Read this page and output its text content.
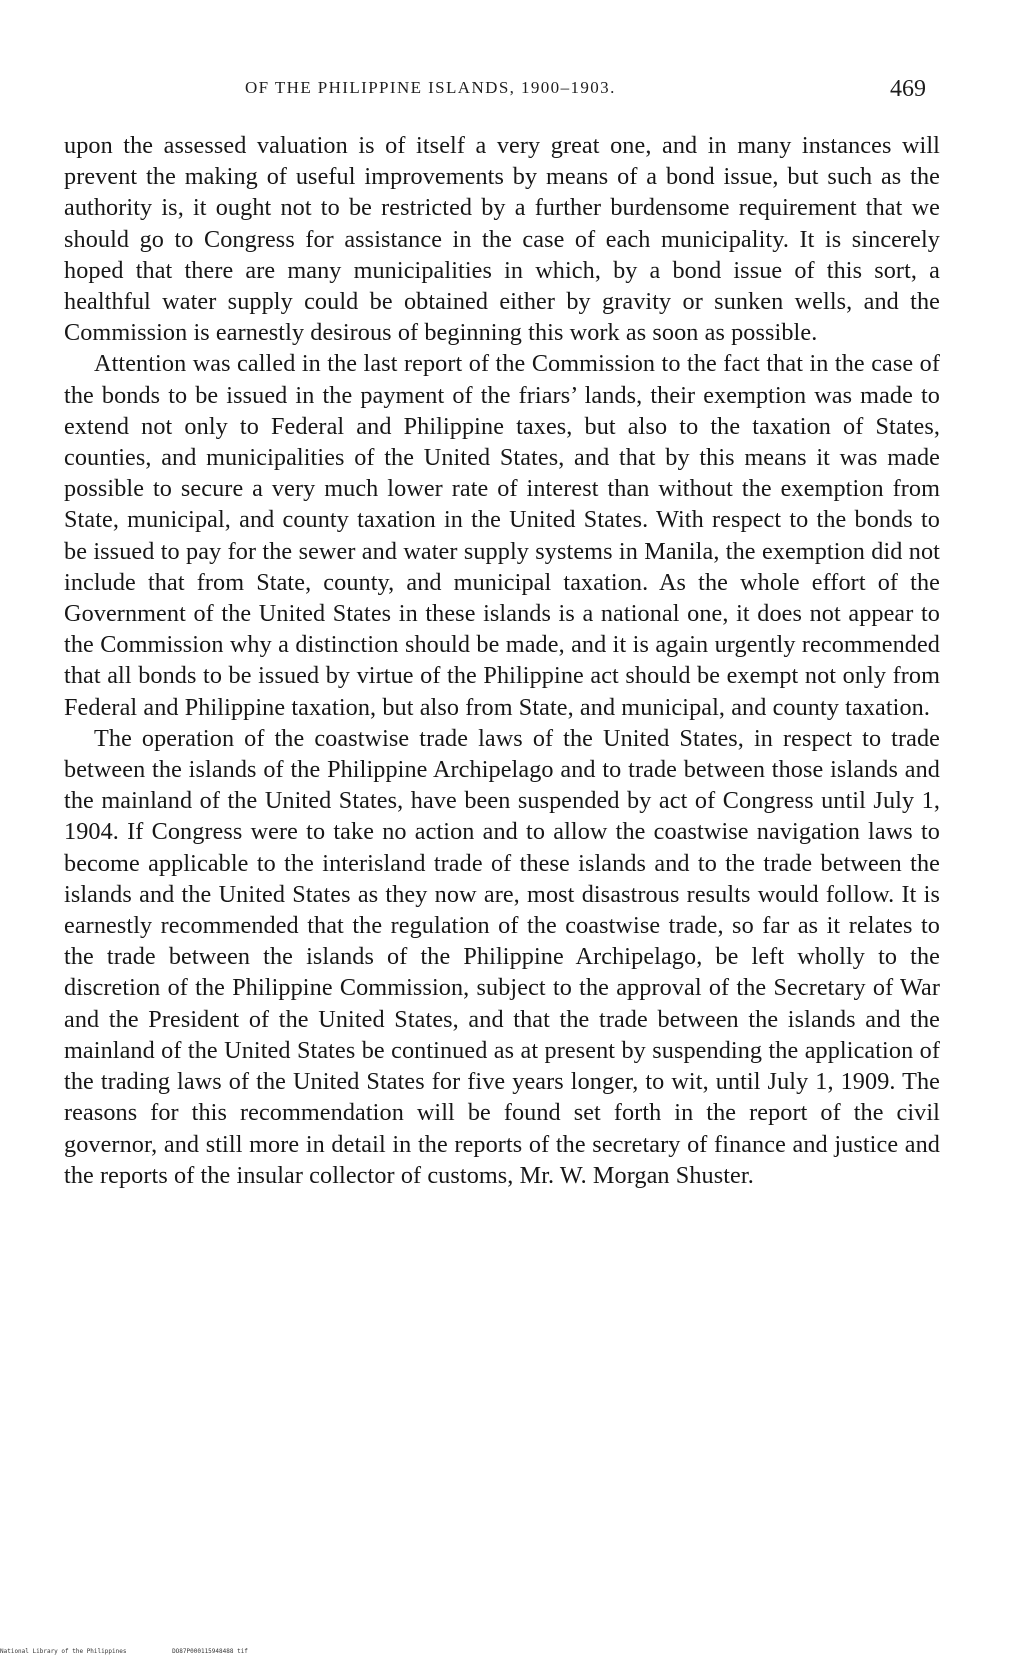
OF THE PHILIPPINE ISLANDS, 1900–1903.	469

upon the assessed valuation is of itself a very great one, and in many instances will prevent the making of useful improvements by means of a bond issue, but such as the authority is, it ought not to be restricted by a further burdensome requirement that we should go to Congress for assistance in the case of each municipality. It is sincerely hoped that there are many municipalities in which, by a bond issue of this sort, a healthful water supply could be obtained either by gravity or sunken wells, and the Commission is earnestly desirous of beginning this work as soon as possible.

Attention was called in the last report of the Commission to the fact that in the case of the bonds to be issued in the payment of the friars’ lands, their exemption was made to extend not only to Federal and Philippine taxes, but also to the taxation of States, counties, and municipalities of the United States, and that by this means it was made possible to secure a very much lower rate of interest than without the exemption from State, municipal, and county taxation in the United States. With respect to the bonds to be issued to pay for the sewer and water supply systems in Manila, the exemption did not include that from State, county, and municipal taxation. As the whole effort of the Government of the United States in these islands is a national one, it does not appear to the Commission why a distinction should be made, and it is again urgently recommended that all bonds to be issued by virtue of the Philippine act should be exempt not only from Federal and Philippine taxation, but also from State, and municipal, and county taxation.

The operation of the coastwise trade laws of the United States, in respect to trade between the islands of the Philippine Archipelago and to trade between those islands and the mainland of the United States, have been suspended by act of Congress until July 1, 1904. If Congress were to take no action and to allow the coastwise navigation laws to become applicable to the interisland trade of these islands and to the trade between the islands and the United States as they now are, most disastrous results would follow. It is earnestly recommended that the regulation of the coastwise trade, so far as it relates to the trade between the islands of the Philippine Archipelago, be left wholly to the discretion of the Philippine Commission, subject to the approval of the Secretary of War and the President of the United States, and that the trade between the islands and the mainland of the United States be continued as at present by suspending the application of the trading laws of the United States for five years longer, to wit, until July 1, 1909. The reasons for this recommendation will be found set forth in the report of the civil governor, and still more in detail in the reports of the secretary of finance and justice and the reports of the insular collector of customs, Mr. W. Morgan Shuster.

National Library of the Philippines	DO87P000115948488 tif
